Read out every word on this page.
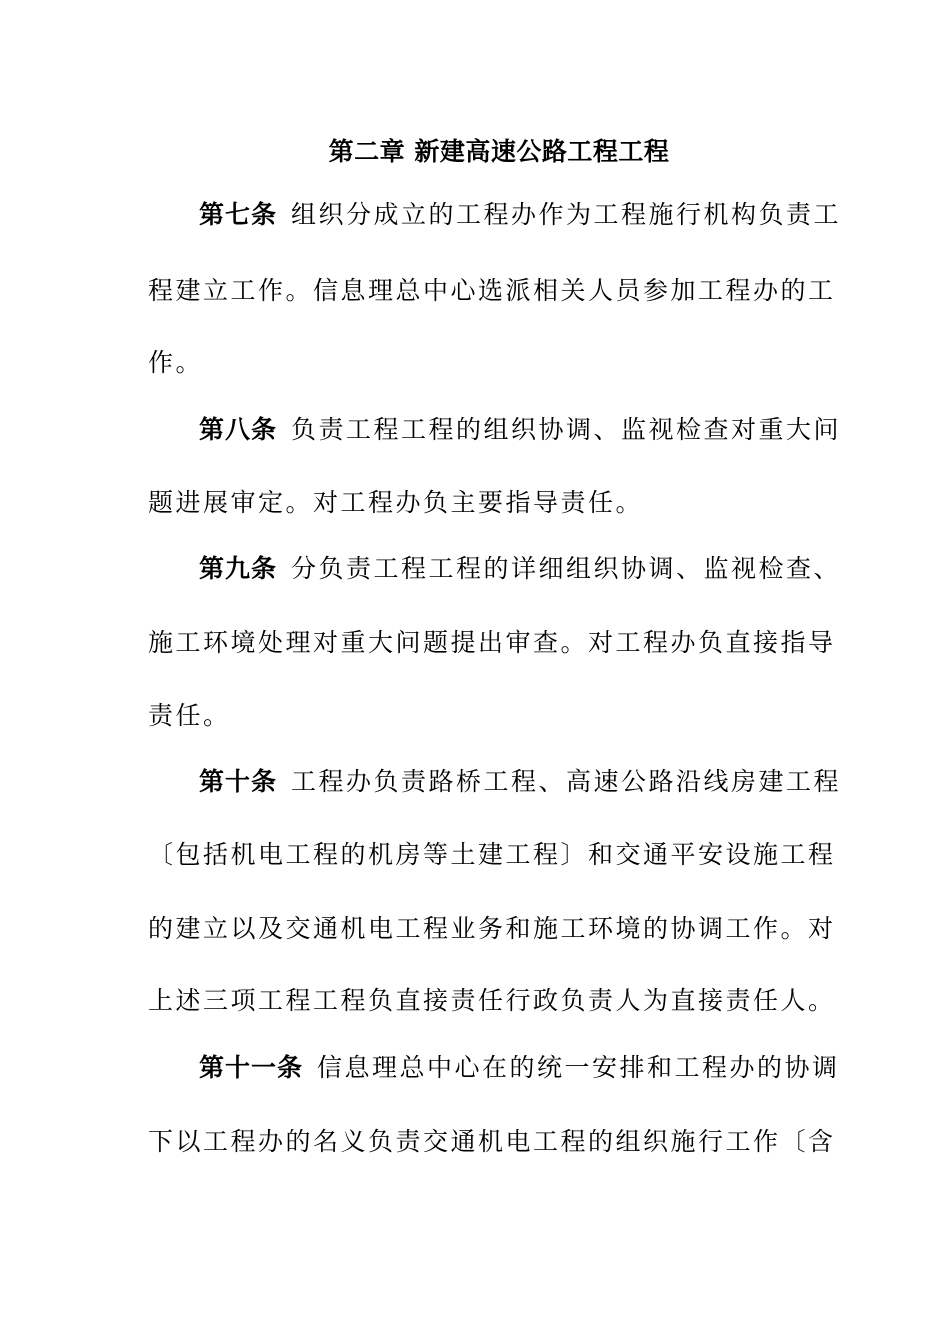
第二章 新建高速公路工程工程
第七条 组织分成立的工程办作为工程施行机构负责工
程建立工作。信息理总中心选派相关人员参加工程办的工
作。
第八条 负责工程工程的组织协调、监视检查对重大问
题进展审定。对工程办负主要指导责任。
第九条 分负责工程工程的详细组织协调、监视检查、
施工环境处理对重大问题提出审查。对工程办负直接指导
责任。
第十条 工程办负责路桥工程、高速公路沿线房建工程
〔包括机电工程的机房等土建工程〕和交通平安设施工程
的建立以及交通机电工程业务和施工环境的协调工作。对
上述三项工程工程负直接责任行政负责人为直接责任人。
第十一条 信息理总中心在的统一安排和工程办的协调
下以工程办的名义负责交通机电工程的组织施行工作〔含
